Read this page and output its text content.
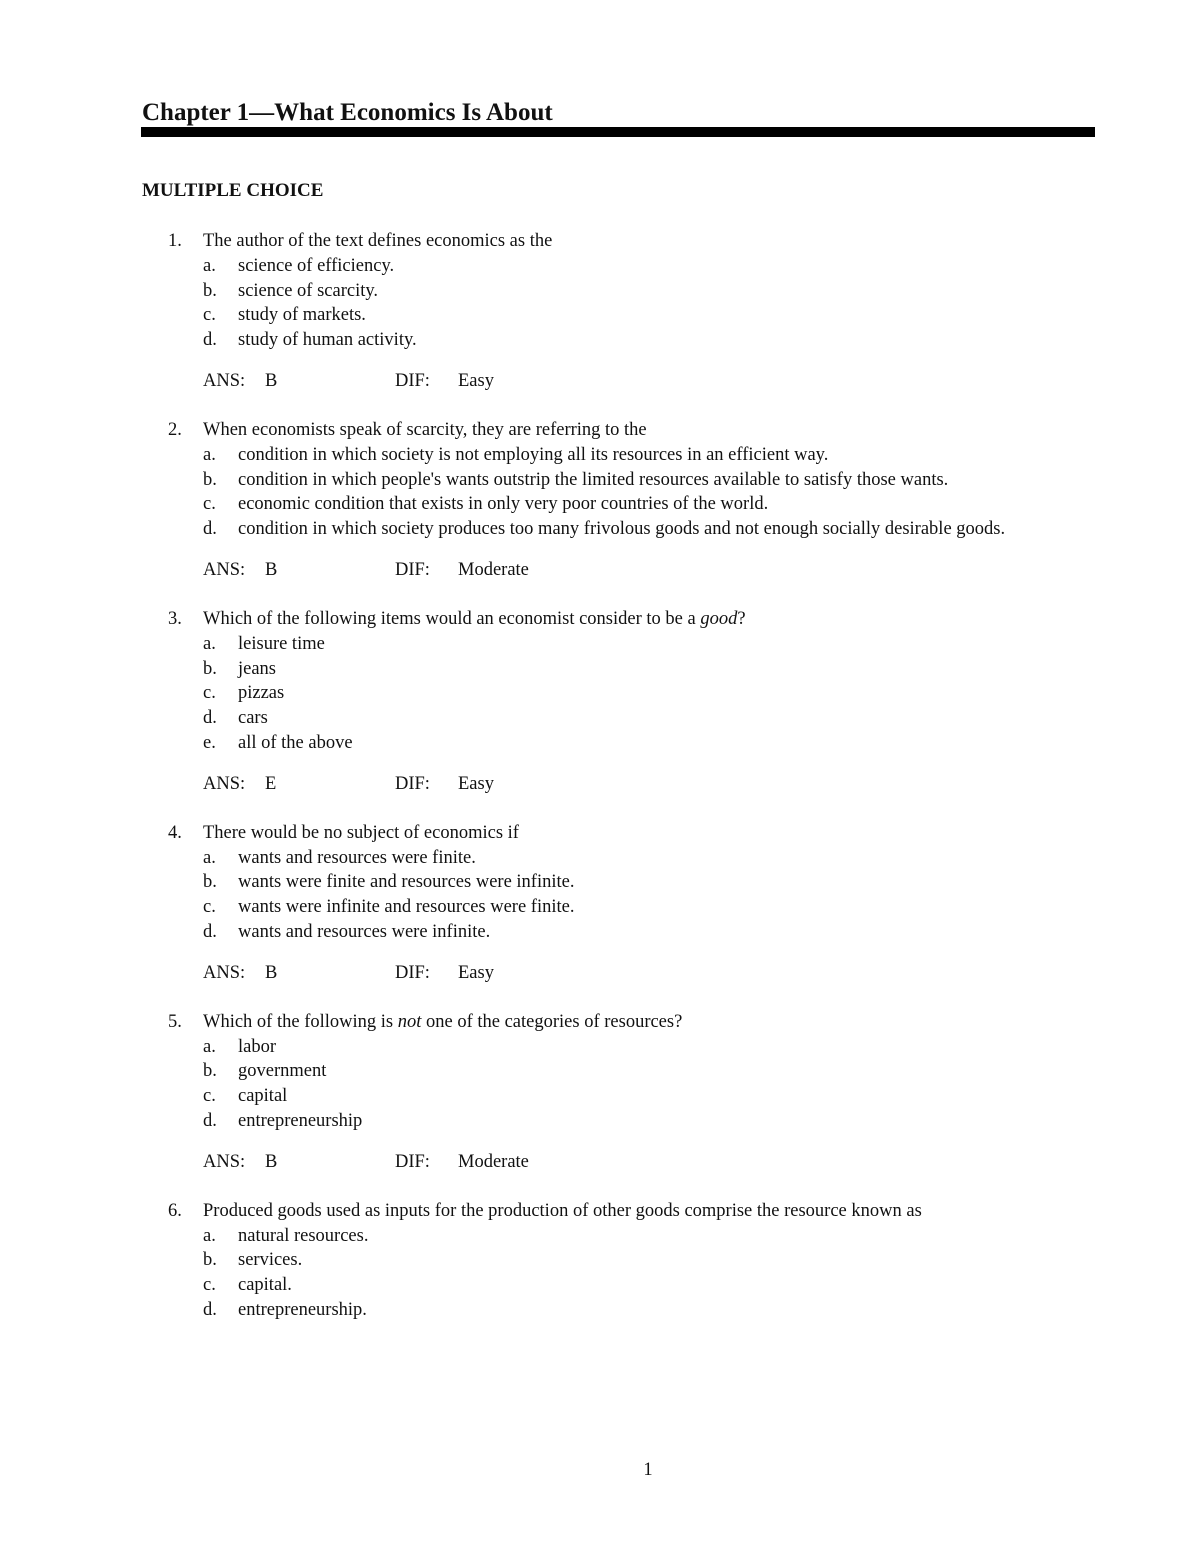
Chapter 1—What Economics Is About
MULTIPLE CHOICE
1. The author of the text defines economics as the
a. science of efficiency.
b. science of scarcity.
c. study of markets.
d. study of human activity.
ANS: B	DIF: Easy
2. When economists speak of scarcity, they are referring to the
a. condition in which society is not employing all its resources in an efficient way.
b. condition in which people's wants outstrip the limited resources available to satisfy those wants.
c. economic condition that exists in only very poor countries of the world.
d. condition in which society produces too many frivolous goods and not enough socially desirable goods.
ANS: B	DIF: Moderate
3. Which of the following items would an economist consider to be a good?
a. leisure time
b. jeans
c. pizzas
d. cars
e. all of the above
ANS: E	DIF: Easy
4. There would be no subject of economics if
a. wants and resources were finite.
b. wants were finite and resources were infinite.
c. wants were infinite and resources were finite.
d. wants and resources were infinite.
ANS: B	DIF: Easy
5. Which of the following is not one of the categories of resources?
a. labor
b. government
c. capital
d. entrepreneurship
ANS: B	DIF: Moderate
6. Produced goods used as inputs for the production of other goods comprise the resource known as
a. natural resources.
b. services.
c. capital.
d. entrepreneurship.
1
